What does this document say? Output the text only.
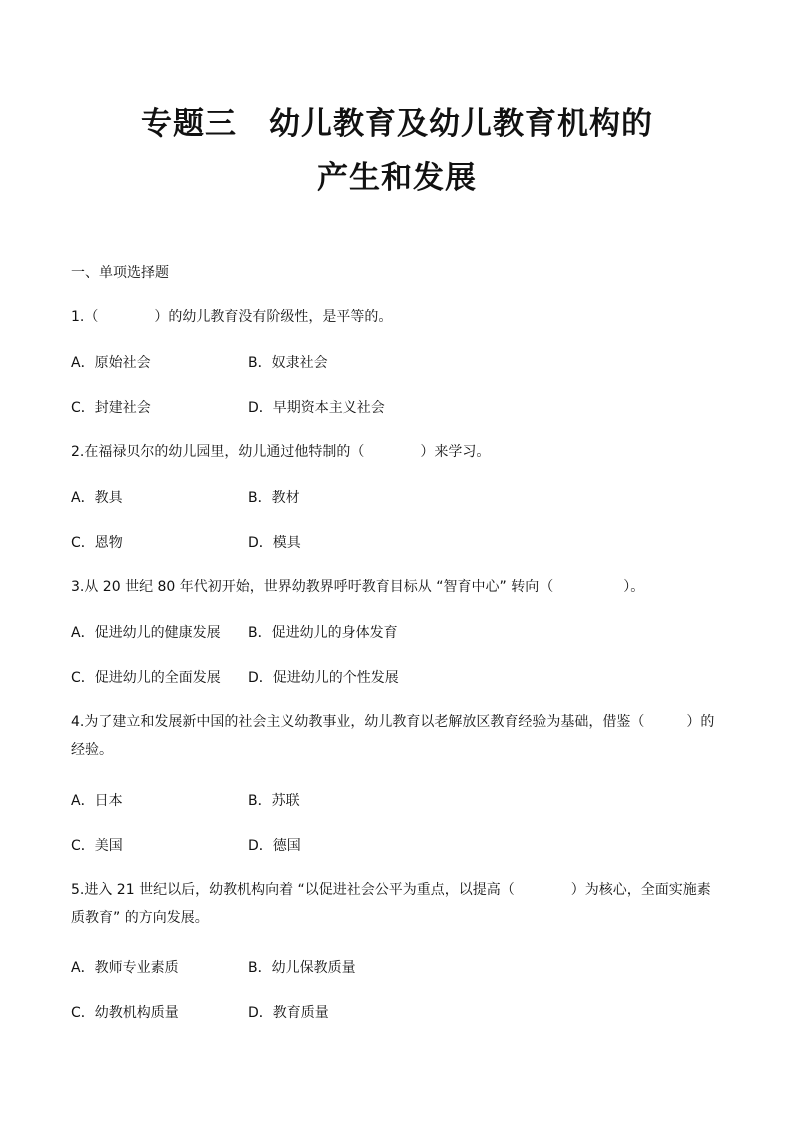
专题三　幼儿教育及幼儿教育机构的
产生和发展
一、单项选择题
1.（　　　　）的幼儿教育没有阶级性，是平等的。
A．原始社会	B．奴隶社会
C．封建社会	D．早期资本主义社会
2.在福禄贝尔的幼儿园里，幼儿通过他特制的（　　　　）来学习。
A．教具	B．教材
C．恩物	D．模具
3.从 20 世纪 80 年代初开始，世界幼教界呼吁教育目标从 “智育中心” 转向（　　　　　）。
A．促进幼儿的健康发展 B．促进幼儿的身体发育
C．促进幼儿的全面发展 D．促进幼儿的个性发展
4.为了建立和发展新中国的社会主义幼教事业，幼儿教育以老解放区教育经验为基础，借鉴（　　　）的经验。
A．日本	B．苏联
C．美国	D．德国
5.进入 21 世纪以后，幼教机构向着 “以促进社会公平为重点，以提高（　　　　）为核心，全面实施素质教育” 的方向发展。
A．教师专业素质	B．幼儿保教质量
C．幼教机构质量	D．教育质量
